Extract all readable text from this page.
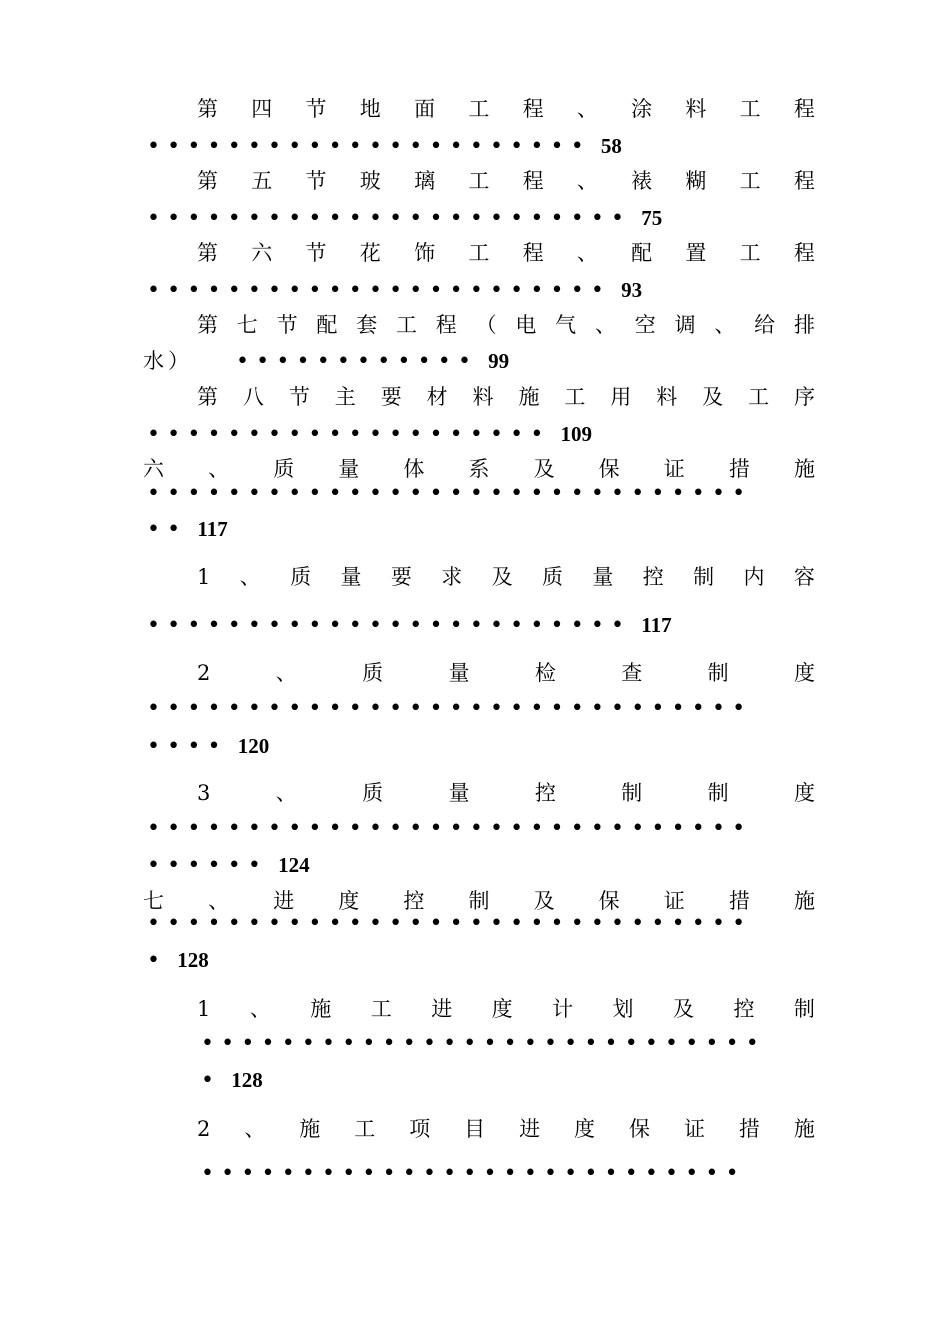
第 四 节 地 面 工 程 、 涂 料 工 程
•••••••••••••••••••••• 58
第 五 节 玻 璃 工 程 、 裱 糊 工 程
•••••••••••••••••••••••• 75
第 六 节 花 饰 工 程 、 配 置 工 程
••••••••••••••••••••••• 93
第 七 节 配 套 工 程 （ 电 气 、 空 调 、 给 排
水 ） •••••••••••• 99
第 八 节 主 要 材 料 施 工 用 料 及 工 序
•••••••••••••••••••• 109
六 、 质 量 体 系 及 保 证 措 施
••••••••••••••••••••••••••••••
•• 117
1 、 质 量 要 求 及 质 量 控 制 内 容
•••••••••••••••••••••••• 117
2	、	质	量	检	查	制	度
••••••••••••••••••••••••••••••
•••• 120
3	、	质	量	控	制	制	度
••••••••••••••••••••••••••••••
•••••• 124
七 、 进 度 控 制 及 保 证 措 施
••••••••••••••••••••••••••••••
• 128
1 、 施 工 进 度 计 划 及 控 制
••••••••••••••••••••••••••••
• 128
2 、 施 工 项 目 进 度 保 证 措 施
•••••••••••••••••••••••••••
